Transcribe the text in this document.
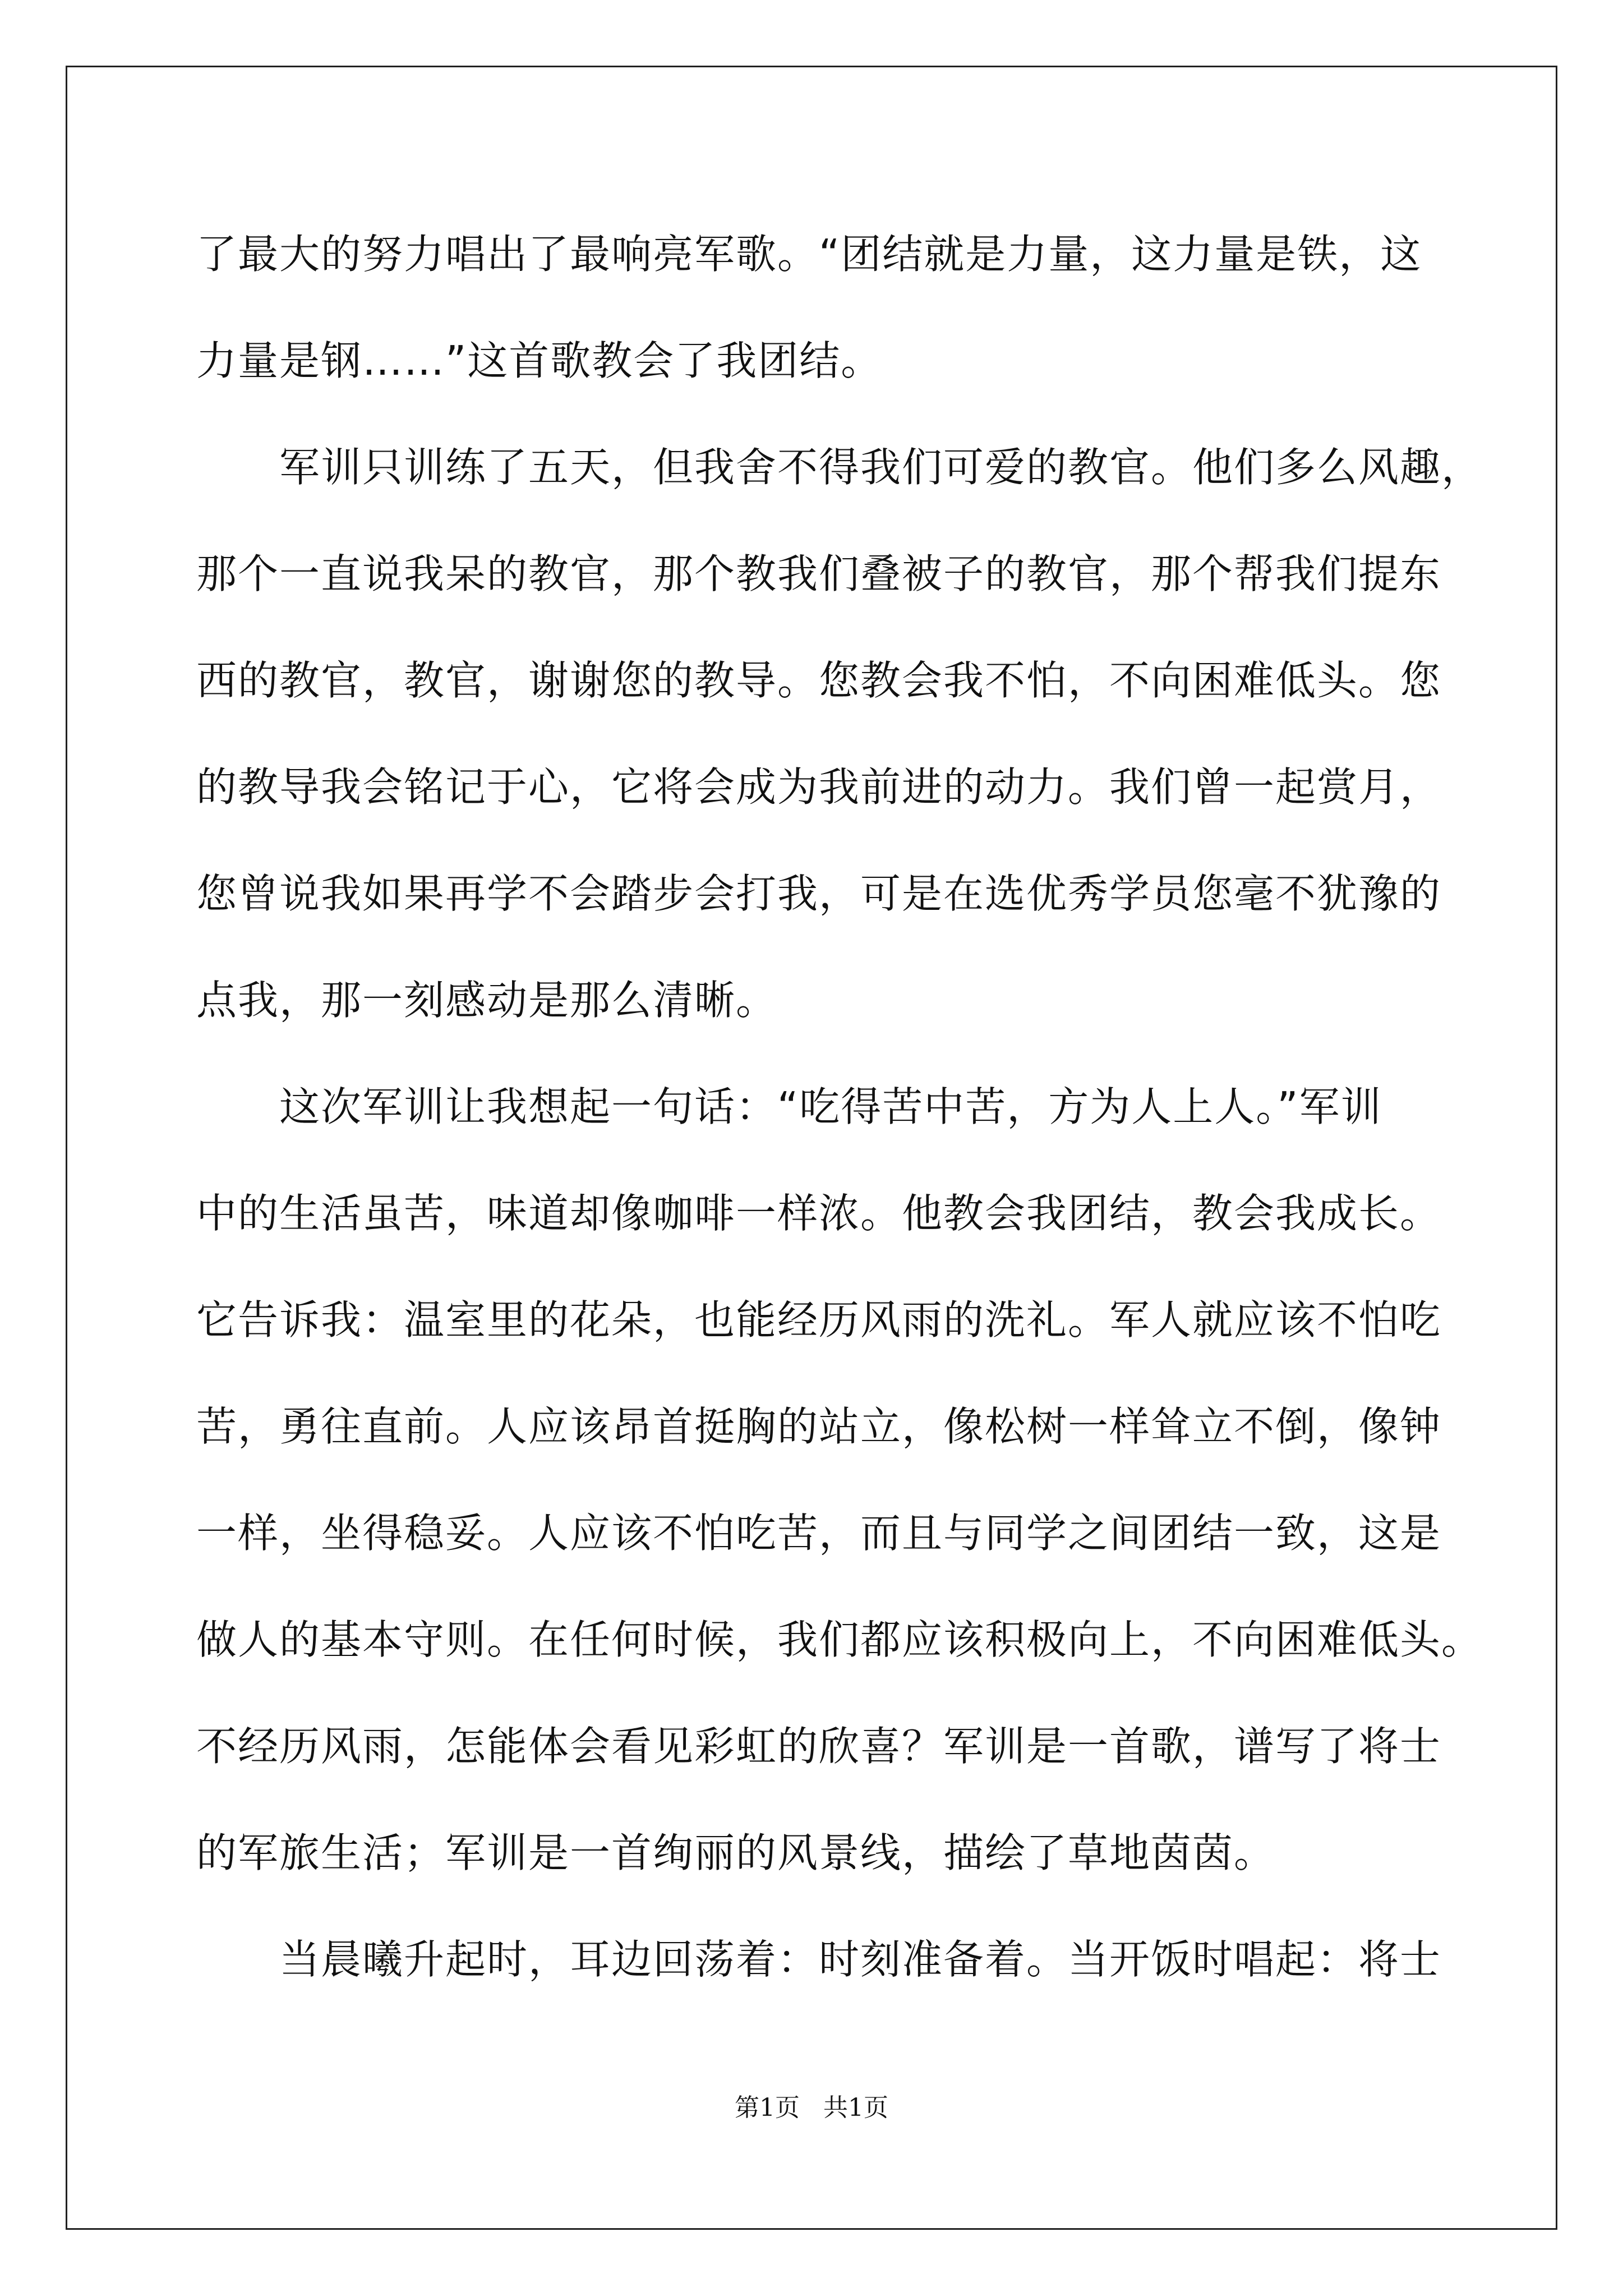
了最大的努力唱出了最响亮军歌。“团结就是力量，这力量是铁，这

力量是钢……”这首歌教会了我团结。

军训只训练了五天，但我舍不得我们可爱的教官。他们多么风趣，

那个一直说我呆的教官，那个教我们叠被子的教官，那个帮我们提东

西的教官，教官，谢谢您的教导。您教会我不怕，不向困难低头。您

的教导我会铭记于心，它将会成为我前进的动力。我们曾一起赏月，

您曾说我如果再学不会踏步会打我，可是在选优秀学员您毫不犹豫的

点我，那一刻感动是那么清晰。

这次军训让我想起一句话：“吃得苦中苦，方为人上人。”军训

中的生活虽苦，味道却像咖啡一样浓。他教会我团结，教会我成长。

它告诉我：温室里的花朵，也能经历风雨的洗礼。军人就应该不怕吃

苦，勇往直前。人应该昂首挺胸的站立，像松树一样耸立不倒，像钟

一样，坐得稳妥。人应该不怕吃苦，而且与同学之间团结一致，这是

做人的基本守则。在任何时候，我们都应该积极向上，不向困难低头。

不经历风雨，怎能体会看见彩虹的欣喜？军训是一首歌，谱写了将士

的军旅生活；军训是一首绚丽的风景线，描绘了草地茵茵。

当晨曦升起时，耳边回荡着：时刻准备着。当开饭时唱起：将士

第1页 共1页
